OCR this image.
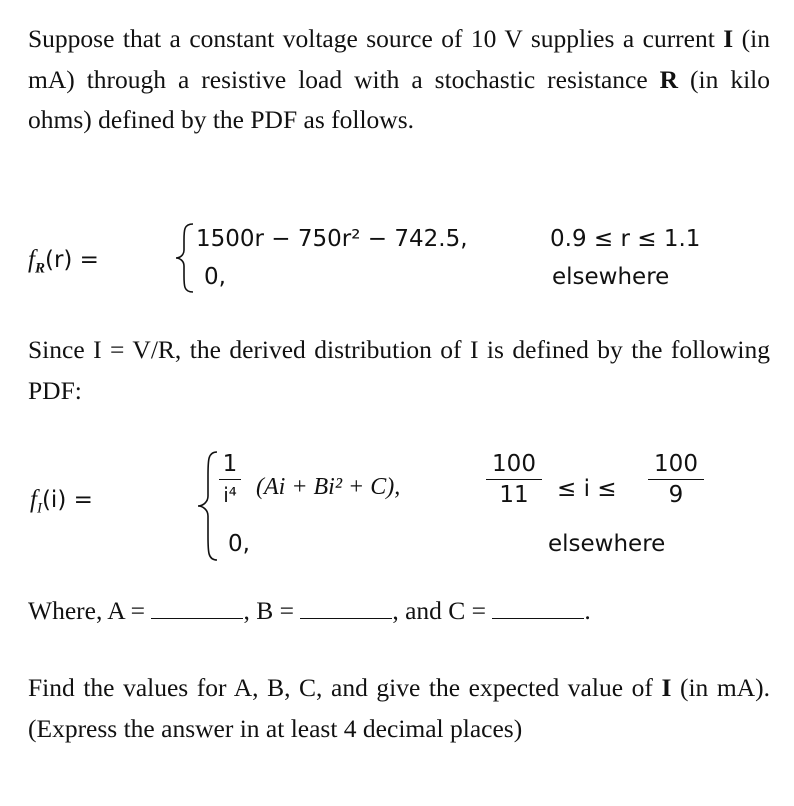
Suppose that a constant voltage source of 10 V supplies a current I (in mA) through a resistive load with a stochastic resistance R (in kilo ohms) defined by the PDF as follows.
$f_R(r)$ =
1500r − 750r² − 742.5,	0.9 ≤ r ≤ 1.1
0,	elsewhere
Since I = V/R, the derived distribution of I is defined by the following PDF:
$f_I(i)$ =
1
i⁴ (Ai + Bi² + C),
100
11	≤ i ≤
100
9
0,	elsewhere
Where, A =	, B =	, and C =	.
Find the values for A, B, C, and give the expected value of I (in mA). (Express the answer in at least 4 decimal places)
